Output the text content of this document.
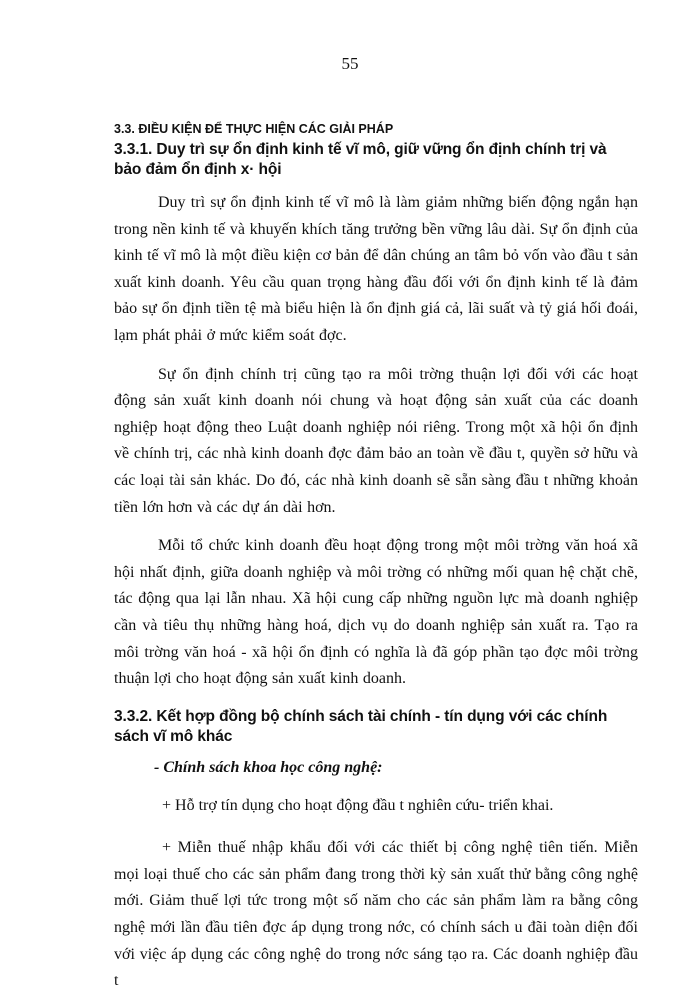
55
3.3. ĐIỀU KIỆN ĐỂ THỰC HIỆN CÁC GIẢI PHÁP
3.3.1. Duy trì sự ổn định kinh tế vĩ mô, giữ vững ổn định chính trị và bảo đảm ổn định x· hội

Duy trì sự ổn định kinh tế vĩ mô là làm giảm những biến động ngắn hạn trong nền kinh tế và khuyến khích tăng trưởng bền vững lâu dài. Sự ổn định của kinh tế vĩ mô là một điều kiện cơ bản để dân chúng an tâm bỏ vốn vào đầu t sản xuất kinh doanh. Yêu cầu quan trọng hàng đầu đối với ổn định kinh tế là đảm bảo sự ổn định tiền tệ mà biểu hiện là ổn định giá cả, lãi suất và tỷ giá hối đoái, lạm phát phải ở mức kiểm soát đợc.

Sự ổn định chính trị cũng tạo ra môi trờng thuận lợi đối với các hoạt động sản xuất kinh doanh nói chung và hoạt động sản xuất của các doanh nghiệp hoạt động theo Luật doanh nghiệp nói riêng. Trong một xã hội ổn định về chính trị, các nhà kinh doanh đợc đảm bảo an toàn về đầu t, quyền sở hữu và các loại tài sản khác. Do đó, các nhà kinh doanh sẽ sẵn sàng đầu t những khoản tiền lớn hơn và các dự án dài hơn.

Mỗi tổ chức kinh doanh đều hoạt động trong một môi trờng văn hoá xã hội nhất định, giữa doanh nghiệp và môi trờng có những mối quan hệ chặt chẽ, tác động qua lại lẫn nhau. Xã hội cung cấp những nguồn lực mà doanh nghiệp cần và tiêu thụ những hàng hoá, dịch vụ do doanh nghiệp sản xuất ra. Tạo ra môi trờng văn hoá - xã hội ổn định có nghĩa là đã góp phần tạo đợc môi trờng thuận lợi cho hoạt động sản xuất kinh doanh.

3.3.2. Kết hợp đồng bộ chính sách tài chính - tín dụng với các chính sách vĩ mô khác
- Chính sách khoa học công nghệ:
+ Hỗ trợ tín dụng cho hoạt động đầu t nghiên cứu- triển khai.

+ Miễn thuế nhập khẩu đối với các thiết bị công nghệ tiên tiến. Miễn mọi loại thuế cho các sản phẩm đang trong thời kỳ sản xuất thử bằng công nghệ mới. Giảm thuế lợi tức trong một số năm cho các sản phẩm làm ra bằng công nghệ mới lần đầu tiên đợc áp dụng trong nớc, có chính sách u đãi toàn diện đối với việc áp dụng các công nghệ do trong nớc sáng tạo ra. Các doanh nghiệp đầu t
